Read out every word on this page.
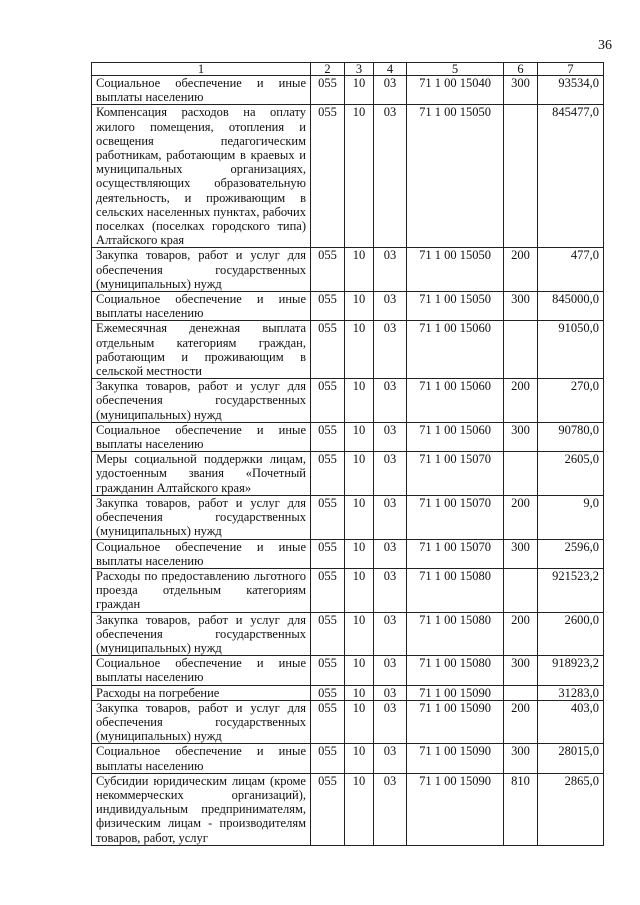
36
1	2	3	4	5	6	7
Социальное обеспечение и иные выплаты населению	055	10	03	71 1 00 15040	300	93534,0
Компенсация расходов на оплату жилого помещения, отопления и освещения педагогическим работникам, работающим в краевых и муниципальных организациях, осуществляющих образовательную деятельность, и проживающим в сельских населенных пунктах, рабочих поселках (поселках городского типа) Алтайского края	055	10	03	71 1 00 15050		845477,0
Закупка товаров, работ и услуг для обеспечения государственных (муниципальных) нужд	055	10	03	71 1 00 15050	200	477,0
Социальное обеспечение и иные выплаты населению	055	10	03	71 1 00 15050	300	845000,0
Ежемесячная денежная выплата отдельным категориям граждан, работающим и проживающим в сельской местности	055	10	03	71 1 00 15060		91050,0
Закупка товаров, работ и услуг для обеспечения государственных (муниципальных) нужд	055	10	03	71 1 00 15060	200	270,0
Социальное обеспечение и иные выплаты населению	055	10	03	71 1 00 15060	300	90780,0
Меры социальной поддержки лицам, удостоенным звания «Почетный гражданин Алтайского края»	055	10	03	71 1 00 15070		2605,0
Закупка товаров, работ и услуг для обеспечения государственных (муниципальных) нужд	055	10	03	71 1 00 15070	200	9,0
Социальное обеспечение и иные выплаты населению	055	10	03	71 1 00 15070	300	2596,0
Расходы по предоставлению льготного проезда отдельным категориям граждан	055	10	03	71 1 00 15080		921523,2
Закупка товаров, работ и услуг для обеспечения государственных (муниципальных) нужд	055	10	03	71 1 00 15080	200	2600,0
Социальное обеспечение и иные выплаты населению	055	10	03	71 1 00 15080	300	918923,2
Расходы на погребение	055	10	03	71 1 00 15090		31283,0
Закупка товаров, работ и услуг для обеспечения государственных (муниципальных) нужд	055	10	03	71 1 00 15090	200	403,0
Социальное обеспечение и иные выплаты населению	055	10	03	71 1 00 15090	300	28015,0
Субсидии юридическим лицам (кроме некоммерческих организаций), индивидуальным предпринимателям, физическим лицам - производителям товаров, работ, услуг	055	10	03	71 1 00 15090	810	2865,0
